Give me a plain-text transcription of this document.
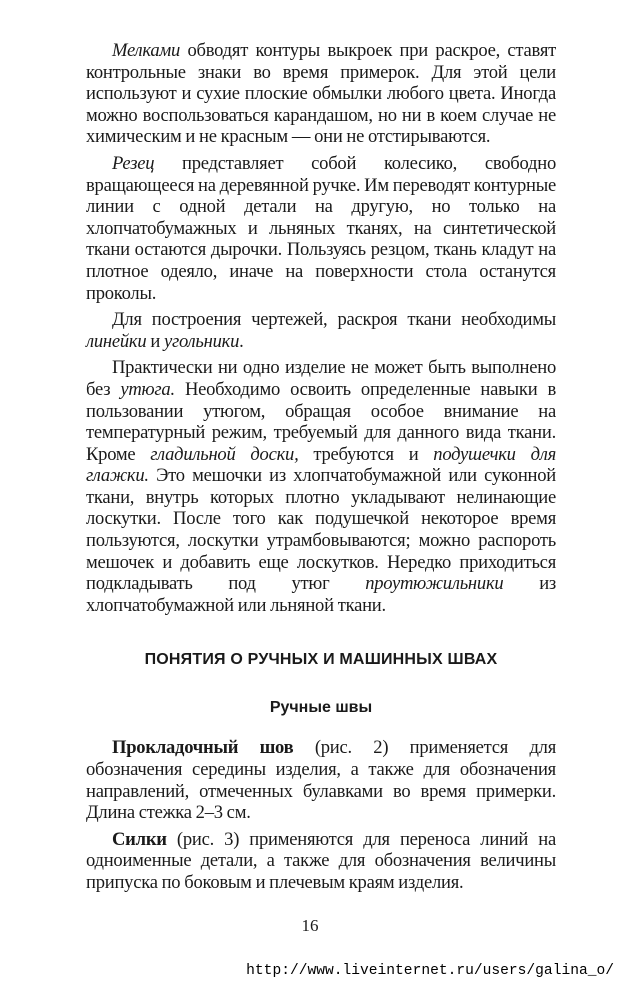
Мелками обводят контуры выкроек при раскрое, ставят контрольные знаки во время примерок. Для этой цели используют и сухие плоские обмылки любого цвета. Иногда можно воспользоваться карандашом, но ни в коем случае не химическим и не красным — они не отстирываются.

Резец представляет собой колесико, свободно вращающееся на деревянной ручке. Им переводят контурные линии с одной детали на другую, но только на хлопчатобумажных и льняных тканях, на синтетической ткани остаются дырочки. Пользуясь резцом, ткань кладут на плотное одеяло, иначе на поверхности стола останутся проколы.

Для построения чертежей, раскроя ткани необходимы линейки и угольники.

Практически ни одно изделие не может быть выполнено без утюга. Необходимо освоить определенные навыки в пользовании утюгом, обращая особое внимание на температурный режим, требуемый для данного вида ткани. Кроме гладильной доски, требуются и подушечки для глажки. Это мешочки из хлопчатобумажной или суконной ткани, внутрь которых плотно укладывают нелинающие лоскутки. После того как подушечкой некоторое время пользуются, лоскутки утрамбовываются; можно распороть мешочек и добавить еще лоскутков. Нередко приходиться подкладывать под утюг проутюжильники из хлопчатобумажной или льняной ткани.

ПОНЯТИЯ О РУЧНЫХ И МАШИННЫХ ШВАХ
Ручные швы

Прокладочный шов (рис. 2) применяется для обозначения середины изделия, а также для обозначения направлений, отмеченных булавками во время примерки. Длина стежка 2–3 см.

Силки (рис. 3) применяются для переноса линий на одноименные детали, а также для обозначения величины припуска по боковым и плечевым краям изделия.

16
http://www.liveinternet.ru/users/galina_o/
